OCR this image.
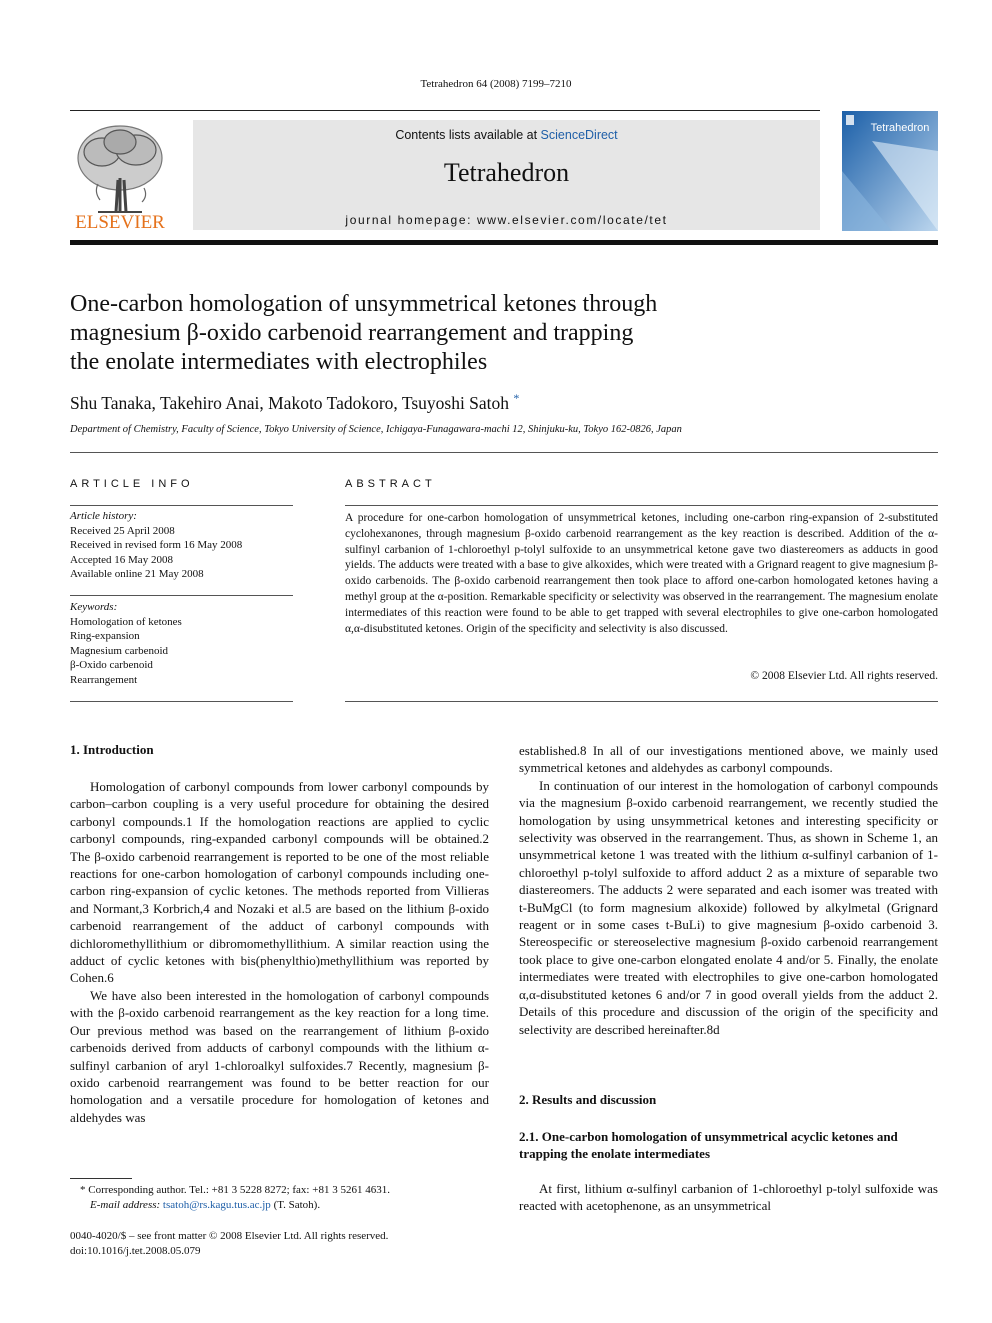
Tetrahedron 64 (2008) 7199–7210
ELSEVIER
Contents lists available at ScienceDirect
Tetrahedron
journal homepage: www.elsevier.com/locate/tet
Tetrahedron
One-carbon homologation of unsymmetrical ketones through
magnesium β-oxido carbenoid rearrangement and trapping
the enolate intermediates with electrophiles
Shu Tanaka, Takehiro Anai, Makoto Tadokoro, Tsuyoshi Satoh *
Department of Chemistry, Faculty of Science, Tokyo University of Science, Ichigaya-Funagawara-machi 12, Shinjuku-ku, Tokyo 162-0826, Japan
ARTICLE INFO	ABSTRACT
Article history:
Received 25 April 2008
Received in revised form 16 May 2008
Accepted 16 May 2008
Available online 21 May 2008
Keywords:
Homologation of ketones
Ring-expansion
Magnesium carbenoid
β-Oxido carbenoid
Rearrangement
A procedure for one-carbon homologation of unsymmetrical ketones, including one-carbon ring-expansion of 2-substituted cyclohexanones, through magnesium β-oxido carbenoid rearrangement as the key reaction is described. Addition of the α-sulfinyl carbanion of 1-chloroethyl p-tolyl sulfoxide to an unsymmetrical ketone gave two diastereomers as adducts in good yields. The adducts were treated with a base to give alkoxides, which were treated with a Grignard reagent to give magnesium β-oxido carbenoids. The β-oxido carbenoid rearrangement then took place to afford one-carbon homologated ketones having a methyl group at the α-position. Remarkable specificity or selectivity was observed in the rearrangement. The magnesium enolate intermediates of this reaction were found to be able to get trapped with several electrophiles to give one-carbon homologated α,α-disubstituted ketones. Origin of the specificity and selectivity is also discussed.
© 2008 Elsevier Ltd. All rights reserved.
1. Introduction

Homologation of carbonyl compounds from lower carbonyl compounds by carbon–carbon coupling is a very useful procedure for obtaining the desired carbonyl compounds.1 If the homologation reactions are applied to cyclic carbonyl compounds, ring-expanded carbonyl compounds will be obtained.2 The β-oxido carbenoid rearrangement is reported to be one of the most reliable reactions for one-carbon homologation of carbonyl compounds including one-carbon ring-expansion of cyclic ketones. The methods reported from Villieras and Normant,3 Korbrich,4 and Nozaki et al.5 are based on the lithium β-oxido carbenoid rearrangement of the adduct of carbonyl compounds with dichloromethyllithium or dibromomethyllithium. A similar reaction using the adduct of cyclic ketones with bis(phenylthio)methyllithium was reported by Cohen.6

We have also been interested in the homologation of carbonyl compounds with the β-oxido carbenoid rearrangement as the key reaction for a long time. Our previous method was based on the rearrangement of lithium β-oxido carbenoids derived from adducts of carbonyl compounds with the lithium α-sulfinyl carbanion of aryl 1-chloroalkyl sulfoxides.7 Recently, magnesium β-oxido carbenoid rearrangement was found to be better reaction for our homologation and a versatile procedure for homologation of ketones and aldehydes was

established.8 In all of our investigations mentioned above, we mainly used symmetrical ketones and aldehydes as carbonyl compounds.

In continuation of our interest in the homologation of carbonyl compounds via the magnesium β-oxido carbenoid rearrangement, we recently studied the homologation by using unsymmetrical ketones and interesting specificity or selectivity was observed in the rearrangement. Thus, as shown in Scheme 1, an unsymmetrical ketone 1 was treated with the lithium α-sulfinyl carbanion of 1-chloroethyl p-tolyl sulfoxide to afford adduct 2 as a mixture of separable two diastereomers. The adducts 2 were separated and each isomer was treated with t-BuMgCl (to form magnesium alkoxide) followed by alkylmetal (Grignard reagent or in some cases t-BuLi) to give magnesium β-oxido carbenoid 3. Stereospecific or stereoselective magnesium β-oxido carbenoid rearrangement took place to give one-carbon elongated enolate 4 and/or 5. Finally, the enolate intermediates were treated with electrophiles to give one-carbon homologated α,α-disubstituted ketones 6 and/or 7 in good overall yields from the adduct 2. Details of this procedure and discussion of the origin of the specificity and selectivity are described hereinafter.8d

2. Results and discussion
2.1. One-carbon homologation of unsymmetrical acyclic ketones and trapping the enolate intermediates

At first, lithium α-sulfinyl carbanion of 1-chloroethyl p-tolyl sulfoxide was reacted with acetophenone, as an unsymmetrical

* Corresponding author. Tel.: +81 3 5228 8272; fax: +81 3 5261 4631.
E-mail address: tsatoh@rs.kagu.tus.ac.jp (T. Satoh).
0040-4020/$ – see front matter © 2008 Elsevier Ltd. All rights reserved.
doi:10.1016/j.tet.2008.05.079
